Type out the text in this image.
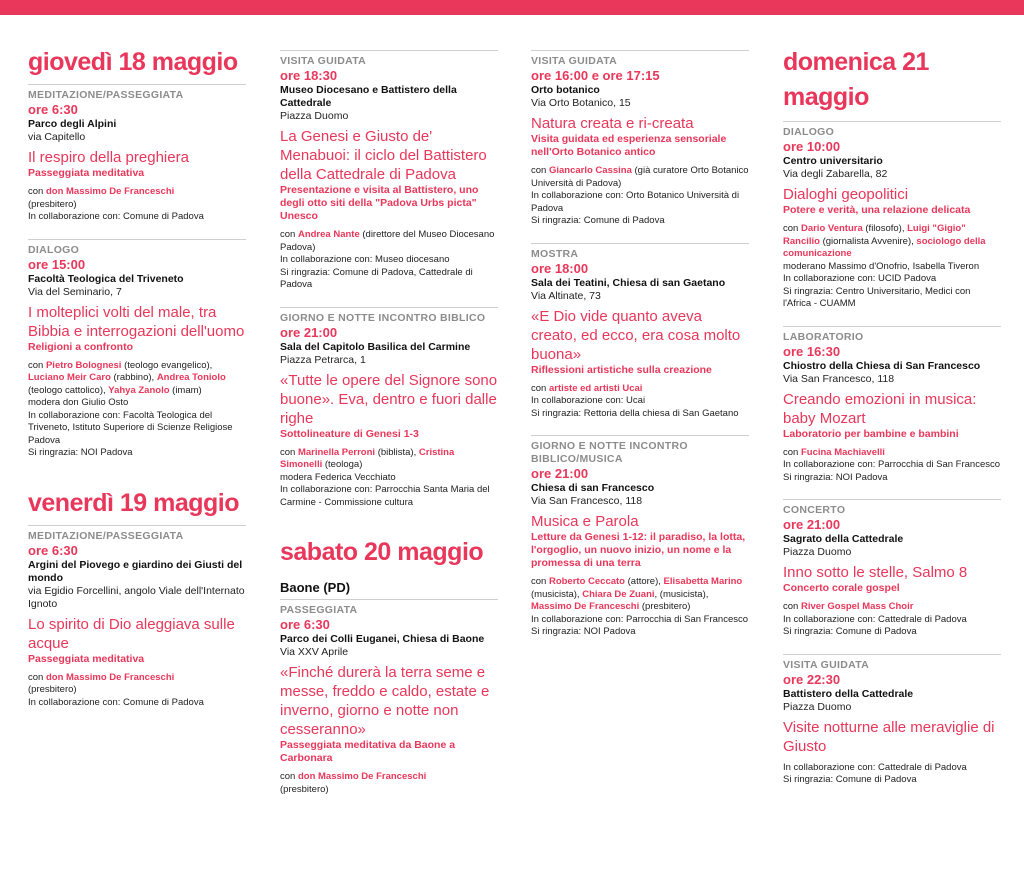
giovedì 18 maggio
MEDITAZIONE/PASSEGGIATA
ore 6:30
Parco degli Alpini
via Capitello
Il respiro della preghiera
Passeggiata meditativa

con don Massimo De Franceschi

(presbitero)

In collaborazione con: Comune di Padova

DIALOGO
ore 15:00
Facoltà Teologica del Triveneto
Via del Seminario, 7
I molteplici volti del male, tra Bibbia e interrogazioni dell'uomo
Religioni a confronto

con Pietro Bolognesi (teologo evangelico), Luciano Meir Caro (rabbino), Andrea Toniolo (teologo cattolico), Yahya Zanolo (imam)

modera don Giulio Osto

In collaborazione con: Facoltà Teologica del Triveneto, Istituto Superiore di Scienze Religiose Padova

Si ringrazia: NOI Padova

venerdì 19 maggio
MEDITAZIONE/PASSEGGIATA
ore 6:30
Argini del Piovego e giardino dei Giusti del mondo
via Egidio Forcellini, angolo Viale dell'Internato Ignoto
Lo spirito di Dio aleggiava sulle acque
Passeggiata meditativa

con don Massimo De Franceschi

(presbitero)

In collaborazione con: Comune di Padova

VISITA GUIDATA
ore 18:30
Museo Diocesano e Battistero della Cattedrale
Piazza Duomo
La Genesi e Giusto de' Menabuoi: il ciclo del Battistero della Cattedrale di Padova
Presentazione e visita al Battistero, uno degli otto siti della "Padova Urbs picta" Unesco

con Andrea Nante (direttore del Museo Diocesano Padova)

In collaborazione con: Museo diocesano

Si ringrazia: Comune di Padova, Cattedrale di Padova

GIORNO E NOTTE INCONTRO BIBLICO
ore 21:00
Sala del Capitolo Basilica del Carmine
Piazza Petrarca, 1
«Tutte le opere del Signore sono buone». Eva, dentro e fuori dalle righe
Sottolineature di Genesi 1-3

con Marinella Perroni (biblista), Cristina Simonelli (teologa)

modera Federica Vecchiato

In collaborazione con: Parrocchia Santa Maria del Carmine - Commissione cultura

sabato 20 maggio
Baone (PD)
PASSEGGIATA
ore 6:30
Parco dei Colli Euganei, Chiesa di Baone
Via XXV Aprile
«Finché durerà la terra seme e messe, freddo e caldo, estate e inverno, giorno e notte non cesseranno»
Passeggiata meditativa da Baone a Carbonara

con don Massimo De Franceschi

(presbitero)

VISITA GUIDATA
ore 16:00 e ore 17:15
Orto botanico
Via Orto Botanico, 15
Natura creata e ri-creata
Visita guidata ed esperienza sensoriale nell'Orto Botanico antico

con Giancarlo Cassina (già curatore Orto Botanico Università di Padova)

In collaborazione con: Orto Botanico Università di Padova

Si ringrazia: Comune di Padova

MOSTRA
ore 18:00
Sala dei Teatini, Chiesa di san Gaetano
Via Altinate, 73
«E Dio vide quanto aveva creato, ed ecco, era cosa molto buona»
Riflessioni artistiche sulla creazione

con artiste ed artisti Ucai

In collaborazione con: Ucai

Si ringrazia: Rettoria della chiesa di San Gaetano

GIORNO E NOTTE INCONTRO BIBLICO/MUSICA
ore 21:00
Chiesa di san Francesco
Via San Francesco, 118
Musica e Parola
Letture da Genesi 1-12: il paradiso, la lotta, l'orgoglio, un nuovo inizio, un nome e la promessa di una terra

con Roberto Ceccato (attore), Elisabetta Marino (musicista), Chiara De Zuani, (musicista), Massimo De Franceschi (presbitero)

In collaborazione con: Parrocchia di San Francesco

Si ringrazia: NOI Padova

domenica 21 maggio
DIALOGO
ore 10:00
Centro universitario
Via degli Zabarella, 82
Dialoghi geopolitici
Potere e verità, una relazione delicata

con Dario Ventura (filosofo), Luigi "Gigio" Rancilio (giornalista Avvenire), sociologo della comunicazione

moderano Massimo d'Onofrio, Isabella Tiveron

In collaborazione con: UCID Padova

Si ringrazia: Centro Universitario, Medici con l'Africa - CUAMM

LABORATORIO
ore 16:30
Chiostro della Chiesa di San Francesco
Via San Francesco, 118
Creando emozioni in musica: baby Mozart
Laboratorio per bambine e bambini

con Fucina Machiavelli

In collaborazione con: Parrocchia di San Francesco

Si ringrazia: NOI Padova

CONCERTO
ore 21:00
Sagrato della Cattedrale
Piazza Duomo
Inno sotto le stelle, Salmo 8
Concerto corale gospel

con River Gospel Mass Choir

In collaborazione con: Cattedrale di Padova

Si ringrazia: Comune di Padova

VISITA GUIDATA
ore 22:30
Battistero della Cattedrale
Piazza Duomo
Visite notturne alle meraviglie di Giusto

In collaborazione con: Cattedrale di Padova

Si ringrazia: Comune di Padova
